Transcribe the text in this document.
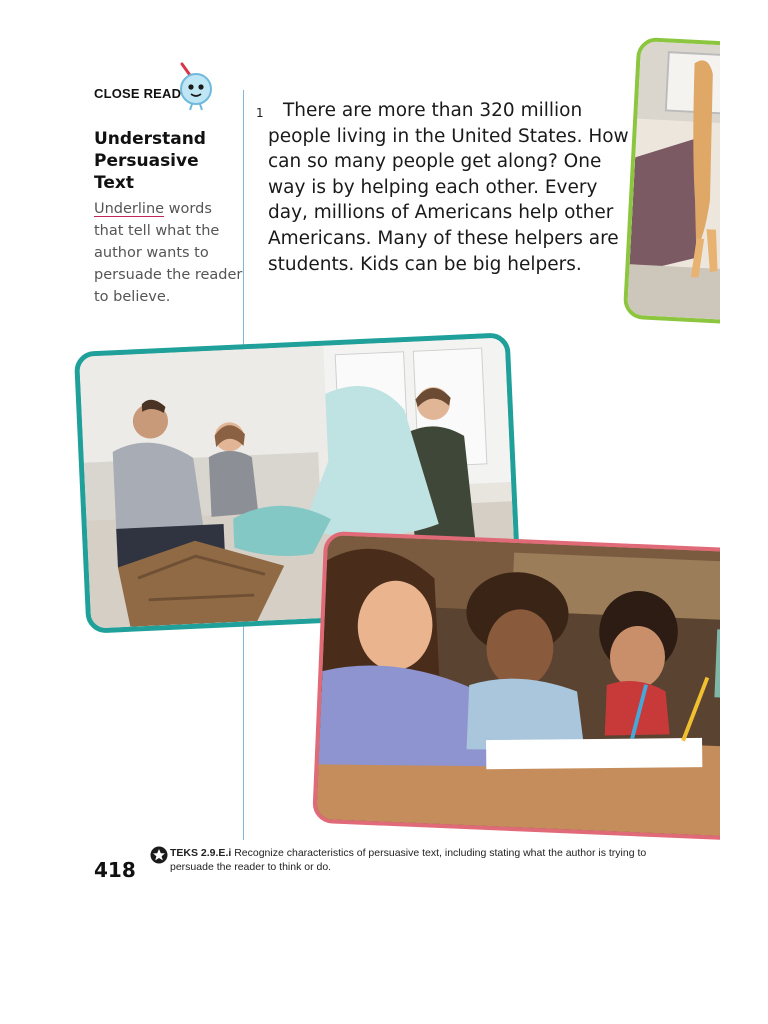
CLOSE READ
Understand Persuasive Text
Underline words that tell what the author wants to persuade the reader to believe.
1	There are more than 320 million people living in the United States. How can so many people get along? One way is by helping each other. Every day, millions of Americans help other Americans. Many of these helpers are students. Kids can be big helpers.
418
TEKS 2.9.E.i Recognize characteristics of persuasive text, including stating what the author is trying to persuade the reader to think or do.
